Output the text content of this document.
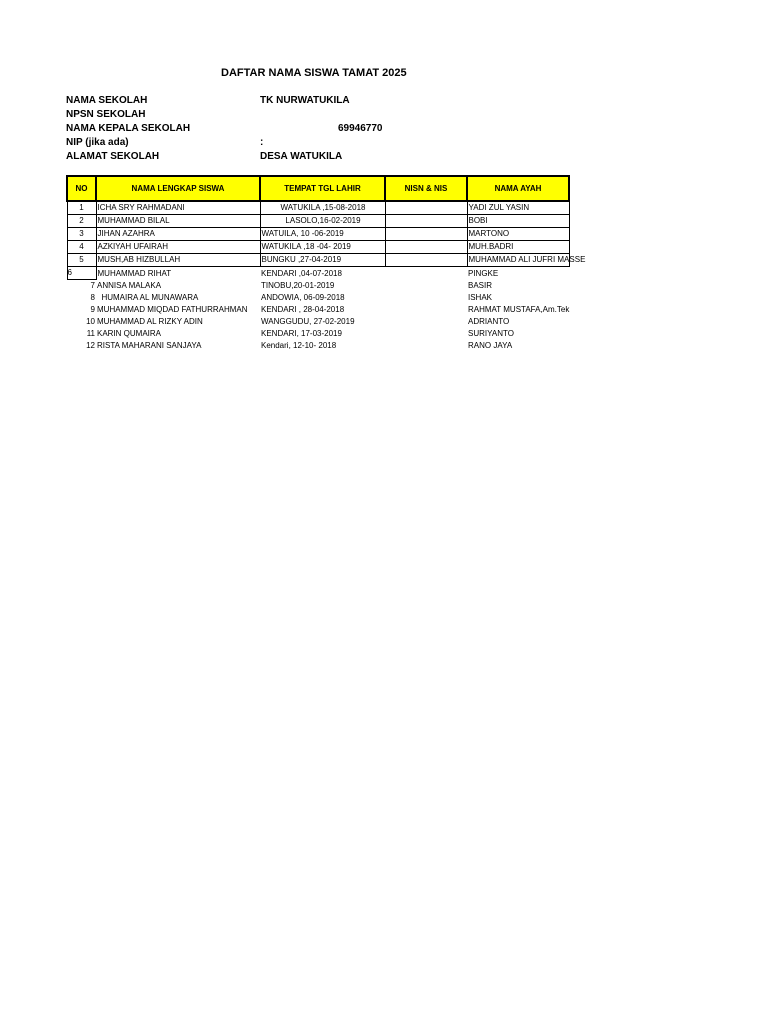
DAFTAR NAMA SISWA TAMAT 2025
NAMA SEKOLAH	TK NURWATUKILA
NPSN SEKOLAH
NAMA KEPALA SEKOLAH	69946770
NIP (jika ada)	:
ALAMAT SEKOLAH	DESA WATUKILA
NO	NAMA LENGKAP SISWA	TEMPAT TGL LAHIR	NISN & NIS	NAMA AYAH
1	ICHA SRY RAHMADANI	WATUKILA ,15-08-2018		YADI ZUL YASIN
2	MUHAMMAD BILAL	LASOLO,16-02-2019		BOBI
3	JIHAN AZAHRA	WATUILA, 10 -06-2019		MARTONO
4	AZKIYAH UFAIRAH	WATUKILA ,18 -04- 2019		MUH.BADRI
5	MUSH,AB HIZBULLAH	BUNGKU ,27-04-2019		MUHAMMAD ALI JUFRI MASSE
6	MUHAMMAD RIHAT	KENDARI ,04-07-2018		PINGKE
7	ANNISA MALAKA	TINOBU,20-01-2019		BASIR
8	HUMAIRA AL MUNAWARA	ANDOWIA, 06-09-2018		ISHAK
9	MUHAMMAD MIQDAD FATHURRAHMAN	KENDARI , 28-04-2018		RAHMAT MUSTAFA,Am.Tek
10	MUHAMMAD AL RIZKY ADIN	WANGGUDU, 27-02-2019		ADRIANTO
11	KARIN QUMAIRA	KENDARI, 17-03-2019		SURIYANTO
12	RISTA MAHARANI SANJAYA	Kendari, 12-10- 2018		RANO JAYA
